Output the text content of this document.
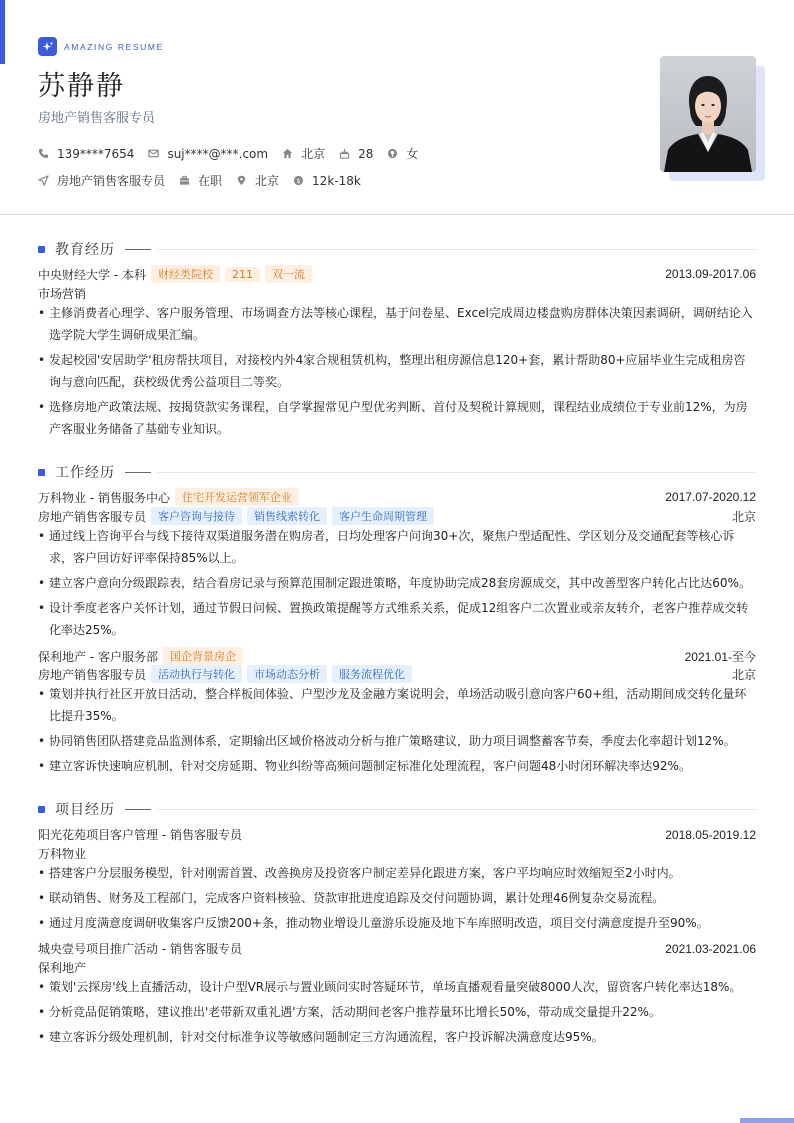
AMAZING RESUME
苏静静
房地产销售客服专员
139****7654	suj****@***.com	北京	28	女
房地产销售客服专员	在职	北京 $ 12k-18k
教育经历
中央财经大学 - 本科	财经类院校	211	双一流	2013.09-2017.06
市场营销
• 主修消费者心理学、客户服务管理、市场调查方法等核心课程，基于问卷星、Excel完成周边楼盘购房群体决策因素调研，调研结论入选学院大学生调研成果汇编。
• 发起校园'安居助学'租房帮扶项目，对接校内外4家合规租赁机构，整理出租房源信息120+套，累计帮助80+应届毕业生完成租房咨询与意向匹配，获校级优秀公益项目二等奖。
• 选修房地产政策法规、按揭贷款实务课程，自学掌握常见户型优劣判断、首付及契税计算规则，课程结业成绩位于专业前12%，为房产客服业务储备了基础专业知识。
工作经历
万科物业 - 销售服务中心	住宅开发运营领军企业	2017.07-2020.12
房地产销售客服专员	客户咨询与接待	销售线索转化	客户生命周期管理	北京
• 通过线上咨询平台与线下接待双渠道服务潜在购房者，日均处理客户问询30+次，聚焦户型适配性、学区划分及交通配套等核心诉求，客户回访好评率保持85%以上。
• 建立客户意向分级跟踪表，结合看房记录与预算范围制定跟进策略，年度协助完成28套房源成交，其中改善型客户转化占比达60%。
• 设计季度老客户关怀计划，通过节假日问候、置换政策提醒等方式维系关系，促成12组客户二次置业或亲友转介，老客户推荐成交转化率达25%。
保利地产 - 客户服务部	国企背景房企	2021.01-至今
房地产销售客服专员	活动执行与转化	市场动态分析	服务流程优化	北京
• 策划并执行社区开放日活动，整合样板间体验、户型沙龙及金融方案说明会，单场活动吸引意向客户60+组，活动期间成交转化量环比提升35%。
• 协同销售团队搭建竞品监测体系，定期输出区域价格波动分析与推广策略建议，助力项目调整蓄客节奏，季度去化率超计划12%。
• 建立客诉快速响应机制，针对交房延期、物业纠纷等高频问题制定标准化处理流程，客户问题48小时闭环解决率达92%。
项目经历
阳光花苑项目客户管理 - 销售客服专员	2018.05-2019.12
万科物业
• 搭建客户分层服务模型，针对刚需首置、改善换房及投资客户制定差异化跟进方案，客户平均响应时效缩短至2小时内。
• 联动销售、财务及工程部门，完成客户资料核验、贷款审批进度追踪及交付问题协调，累计处理46例复杂交易流程。
• 通过月度满意度调研收集客户反馈200+条，推动物业增设儿童游乐设施及地下车库照明改造，项目交付满意度提升至90%。
城央壹号项目推广活动 - 销售客服专员	2021.03-2021.06
保利地产
• 策划'云探房'线上直播活动，设计户型VR展示与置业顾问实时答疑环节，单场直播观看量突破8000人次，留资客户转化率达18%。
• 分析竞品促销策略，建议推出'老带新双重礼遇'方案，活动期间老客户推荐量环比增长50%，带动成交量提升22%。
• 建立客诉分级处理机制，针对交付标准争议等敏感问题制定三方沟通流程，客户投诉解决满意度达95%。
